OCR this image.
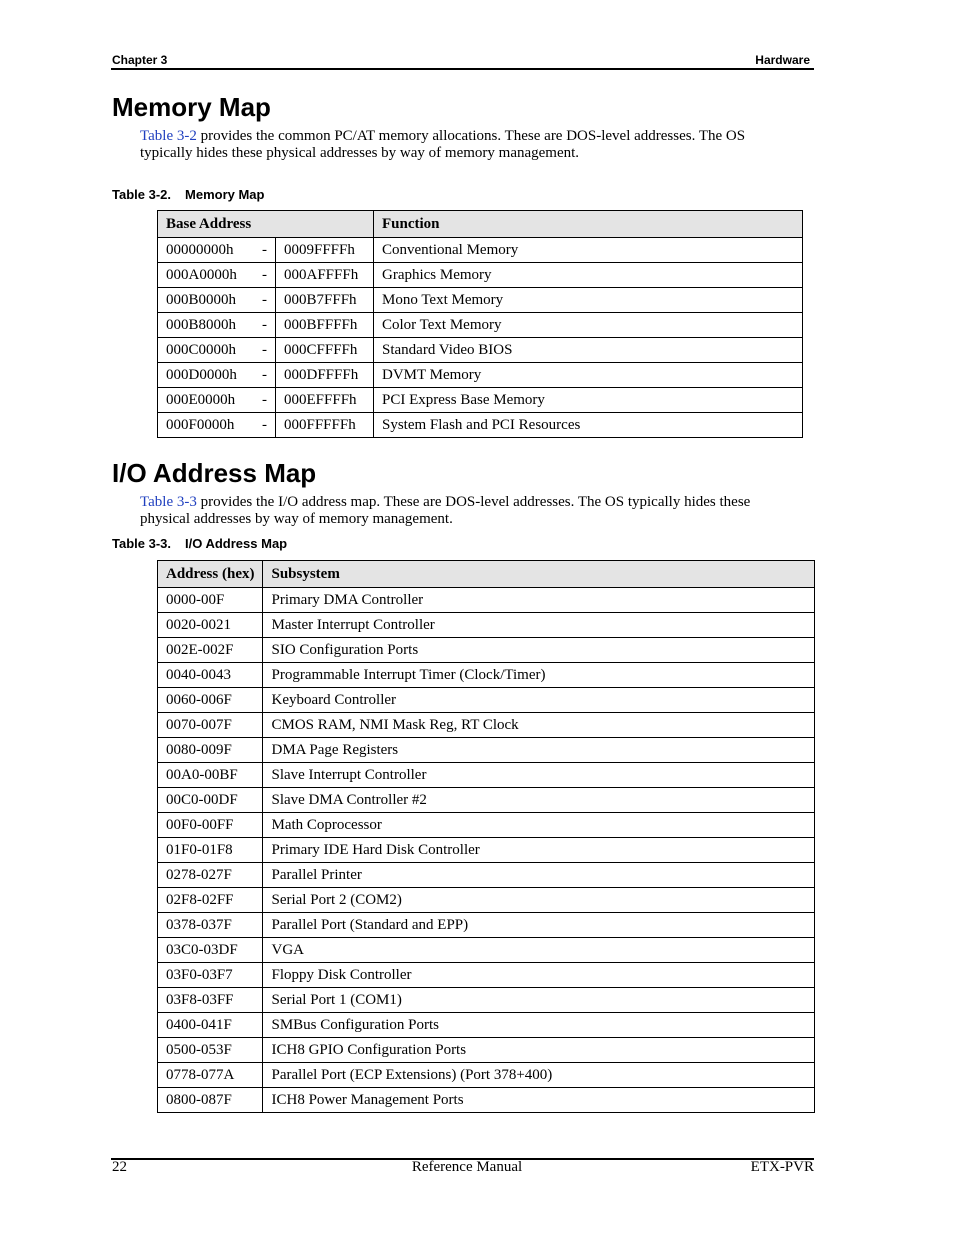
Chapter 3	Hardware
Memory Map
Table 3-2 provides the common PC/AT memory allocations. These are DOS-level addresses. The OS
typically hides these physical addresses by way of memory management.
Table 3-2. Memory Map
Base Address			Function
00000000h	-	0009FFFFh	Conventional Memory
000A0000h	-	000AFFFFh	Graphics Memory
000B0000h	-	000B7FFFh	Mono Text Memory
000B8000h	-	000BFFFFh	Color Text Memory
000C0000h	-	000CFFFFh	Standard Video BIOS
000D0000h	-	000DFFFFh	DVMT Memory
000E0000h	-	000EFFFFh	PCI Express Base Memory
000F0000h	-	000FFFFFh	System Flash and PCI Resources
I/O Address Map
Table 3-3 provides the I/O address map. These are DOS-level addresses. The OS typically hides these
physical addresses by way of memory management.
Table 3-3. I/O Address Map
Address (hex)	Subsystem
0000-00F	Primary DMA Controller
0020-0021	Master Interrupt Controller
002E-002F	SIO Configuration Ports
0040-0043	Programmable Interrupt Timer (Clock/Timer)
0060-006F	Keyboard Controller
0070-007F	CMOS RAM, NMI Mask Reg, RT Clock
0080-009F	DMA Page Registers
00A0-00BF	Slave Interrupt Controller
00C0-00DF	Slave DMA Controller #2
00F0-00FF	Math Coprocessor
01F0-01F8	Primary IDE Hard Disk Controller
0278-027F	Parallel Printer
02F8-02FF	Serial Port 2 (COM2)
0378-037F	Parallel Port (Standard and EPP)
03C0-03DF	VGA
03F0-03F7	Floppy Disk Controller
03F8-03FF	Serial Port 1 (COM1)
0400-041F	SMBus Configuration Ports
0500-053F	ICH8 GPIO Configuration Ports
0778-077A	Parallel Port (ECP Extensions) (Port 378+400)
0800-087F	ICH8 Power Management Ports
22	Reference Manual	ETX-PVR
